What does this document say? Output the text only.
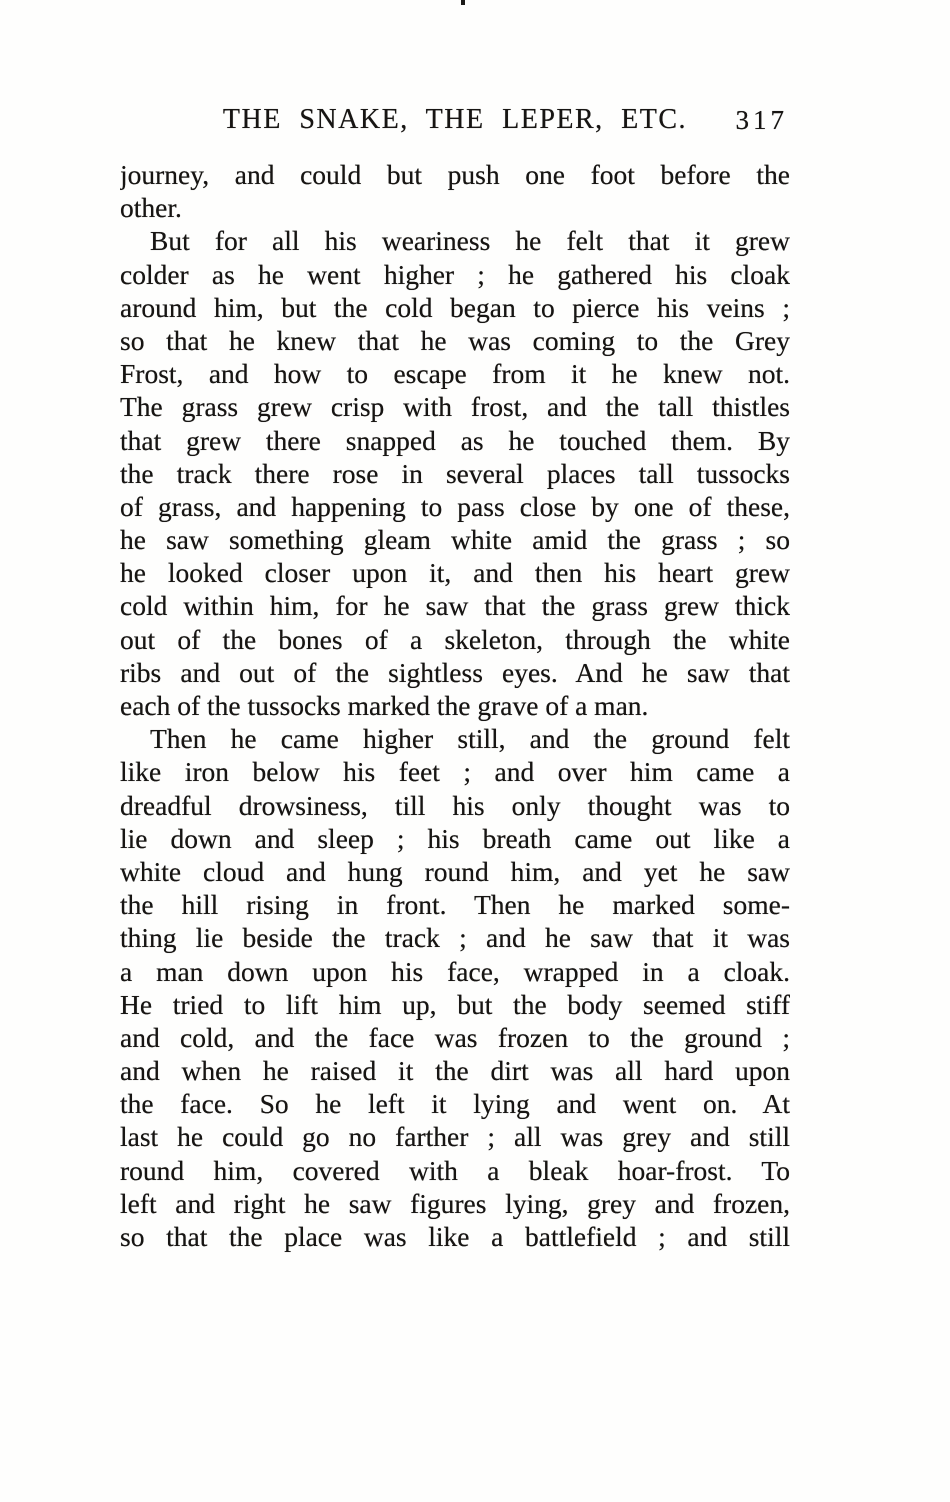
THE SNAKE, THE LEPER, ETC.	317
journey, and could but push one foot before the
other.
But for all his weariness he felt that it grew
colder as he went higher ; he gathered his cloak
around him, but the cold began to pierce his veins ;
so that he knew that he was coming to the Grey
Frost, and how to escape from it he knew not.
The grass grew crisp with frost, and the tall thistles
that grew there snapped as he touched them. By
the track there rose in several places tall tussocks
of grass, and happening to pass close by one of these,
he saw something gleam white amid the grass ; so
he looked closer upon it, and then his heart grew
cold within him, for he saw that the grass grew thick
out of the bones of a skeleton, through the white
ribs and out of the sightless eyes. And he saw that
each of the tussocks marked the grave of a man.
Then he came higher still, and the ground felt
like iron below his feet ; and over him came a
dreadful drowsiness, till his only thought was to
lie down and sleep ; his breath came out like a
white cloud and hung round him, and yet he saw
the hill rising in front. Then he marked some-
thing lie beside the track ; and he saw that it was
a man down upon his face, wrapped in a cloak.
He tried to lift him up, but the body seemed stiff
and cold, and the face was frozen to the ground ;
and when he raised it the dirt was all hard upon
the face. So he left it lying and went on. At
last he could go no farther ; all was grey and still
round him, covered with a bleak hoar-frost. To
left and right he saw figures lying, grey and frozen,
so that the place was like a battlefield ; and still
